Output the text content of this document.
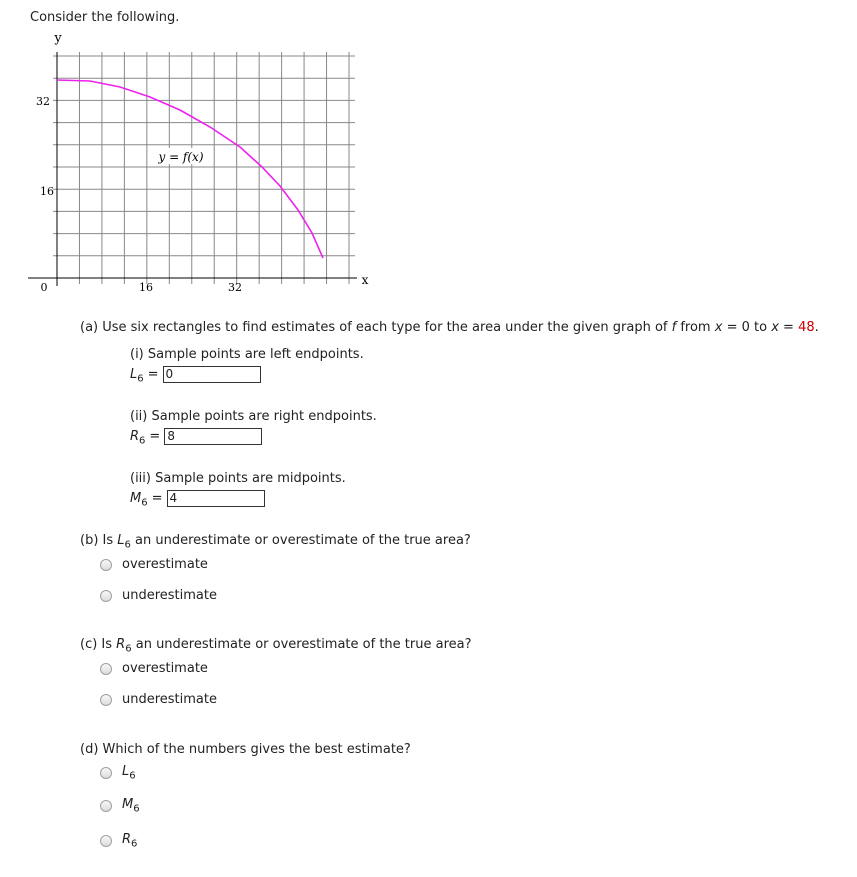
Consider the following.
y
x
32
16
0	16	32
y = f(x)
(a) Use six rectangles to find estimates of each type for the area under the given graph of f from x = 0 to x = 48.
(i) Sample points are left endpoints.
$L_6 = 0$
(ii) Sample points are right endpoints.
$R_6 = 8$
(iii) Sample points are midpoints.
$M_6 = 4$
(b) Is $L_6$ an underestimate or overestimate of the true area?
overestimate
underestimate
(c) Is $R_6$ an underestimate or overestimate of the true area?
overestimate
underestimate
(d) Which of the numbers gives the best estimate?
$L_6$
$M_6$
$R_6$
